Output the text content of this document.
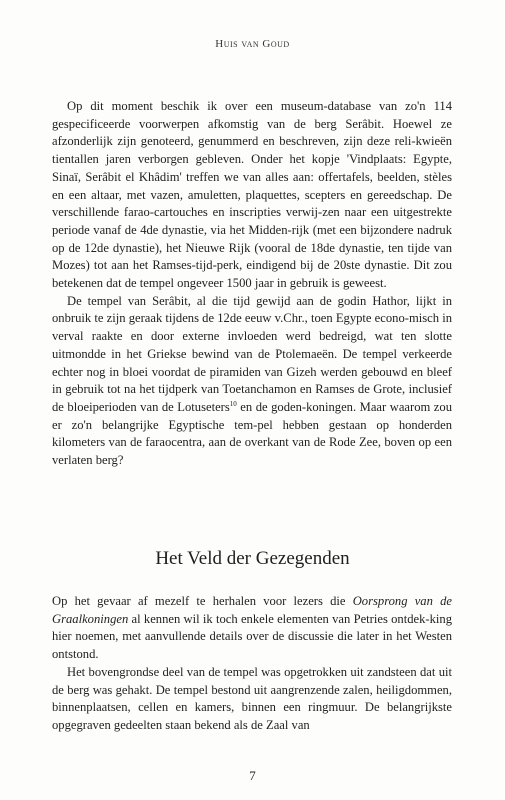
Huis van Goud

Op dit moment beschik ik over een museum-database van zo'n 114 gespecificeerde voorwerpen afkomstig van de berg Serâbit. Hoewel ze afzonderlijk zijn genoteerd, genummerd en beschreven, zijn deze reli-kwieën tientallen jaren verborgen gebleven. Onder het kopje 'Vindplaats: Egypte, Sinaï, Serâbit el Khâdim' treffen we van alles aan: offertafels, beelden, stèles en een altaar, met vazen, amuletten, plaquettes, scepters en gereedschap. De verschillende farao-cartouches en inscripties verwij-zen naar een uitgestrekte periode vanaf de 4de dynastie, via het Midden-rijk (met een bijzondere nadruk op de 12de dynastie), het Nieuwe Rijk (vooral de 18de dynastie, ten tijde van Mozes) tot aan het Ramses-tijd-perk, eindigend bij de 20ste dynastie. Dit zou betekenen dat de tempel ongeveer 1500 jaar in gebruik is geweest.

De tempel van Serâbit, al die tijd gewijd aan de godin Hathor, lijkt in onbruik te zijn geraak tijdens de 12de eeuw v.Chr., toen Egypte econo-misch in verval raakte en door externe invloeden werd bedreigd, wat ten slotte uitmondde in het Griekse bewind van de Ptolemaeën. De tempel verkeerde echter nog in bloei voordat de piramiden van Gizeh werden gebouwd en bleef in gebruik tot na het tijdperk van Toetanchamon en Ramses de Grote, inclusief de bloeiperioden van de Lotuseters$^{10}$ en de goden-koningen. Maar waarom zou er zo'n belangrijke Egyptische tem-pel hebben gestaan op honderden kilometers van de faraocentra, aan de overkant van de Rode Zee, boven op een verlaten berg?

Het Veld der Gezegenden

Op het gevaar af mezelf te herhalen voor lezers die Oorsprong van de Graalkoningen al kennen wil ik toch enkele elementen van Petries ontdek-king hier noemen, met aanvullende details over de discussie die later in het Westen ontstond.

Het bovengrondse deel van de tempel was opgetrokken uit zandsteen dat uit de berg was gehakt. De tempel bestond uit aangrenzende zalen, heiligdommen, binnenplaatsen, cellen en kamers, binnen een ringmuur. De belangrijkste opgegraven gedeelten staan bekend als de Zaal van

7
